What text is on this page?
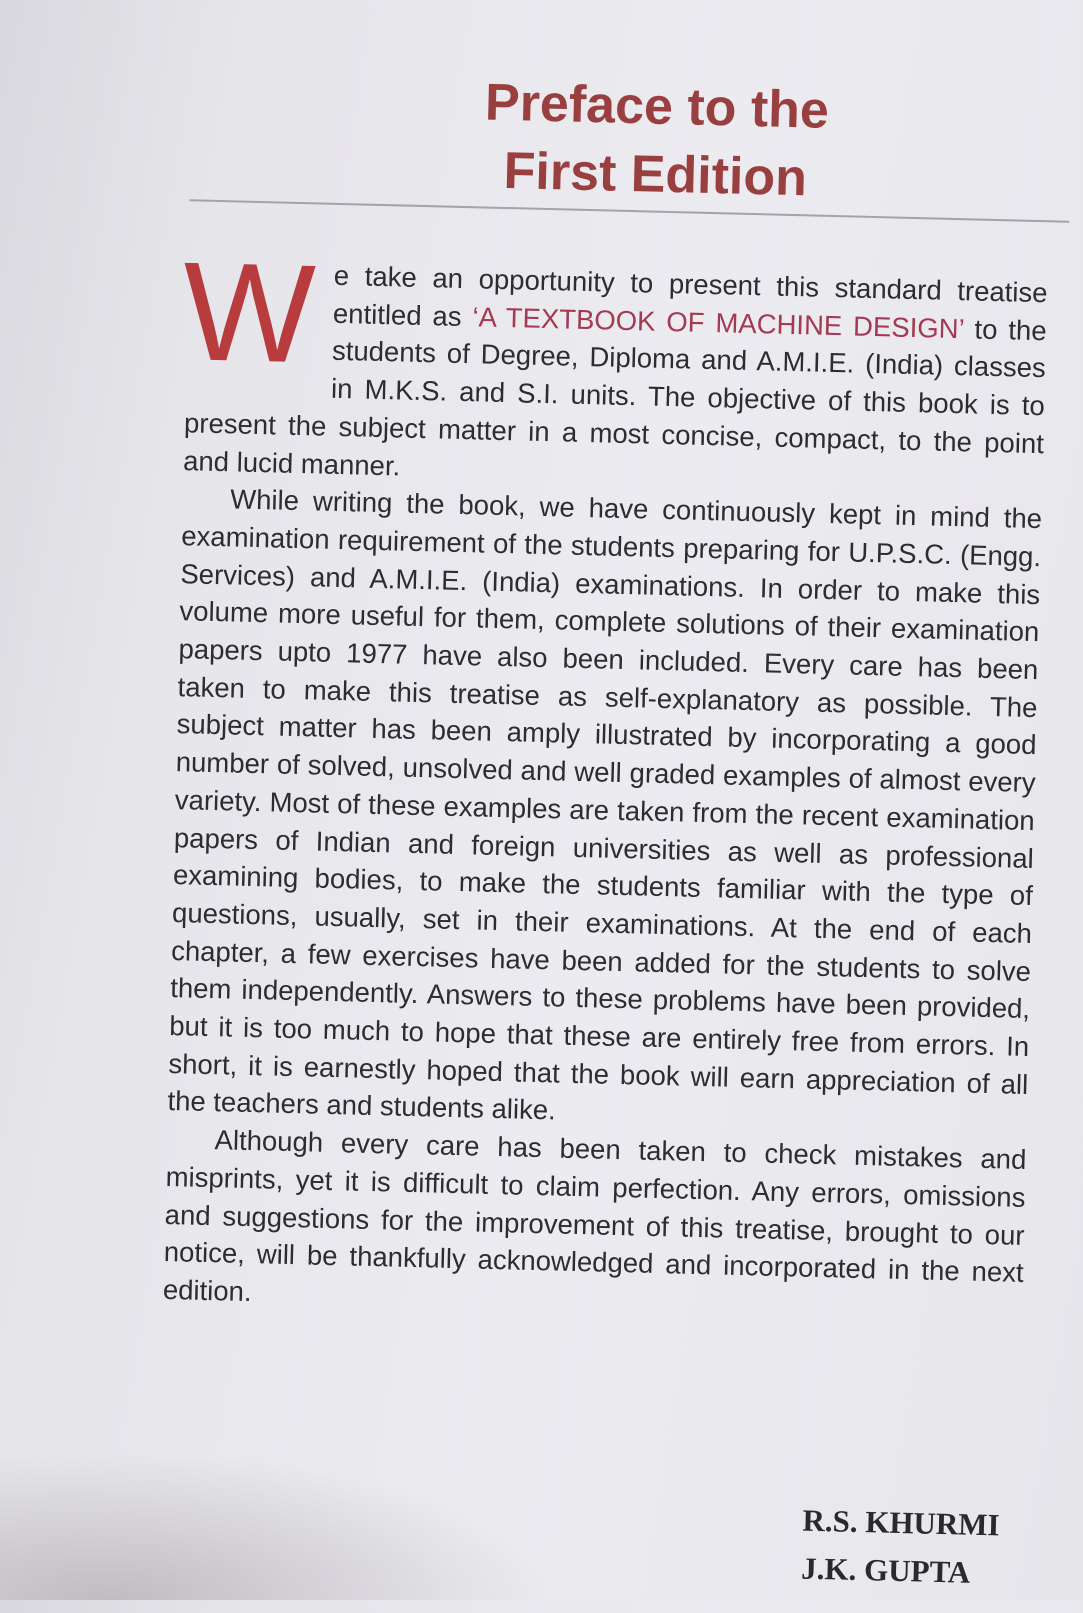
Preface to the
First Edition

We take an opportunity to present this standard treatise entitled as ‘A TEXTBOOK OF MACHINE DESIGN’ to the students of Degree, Diploma and A.M.I.E. (India) classes in M.K.S. and S.I. units. The objective of this book is to present the subject matter in a most concise, compact, to the point and lucid manner.

While writing the book, we have continuously kept in mind the examination requirement of the students preparing for U.P.S.C. (Engg. Services) and A.M.I.E. (India) examinations. In order to make this volume more useful for them, complete solutions of their examination papers upto 1977 have also been included. Every care has been taken to make this treatise as self-explanatory as possible. The subject matter has been amply illustrated by incorporating a good number of solved, unsolved and well graded examples of almost every variety. Most of these examples are taken from the recent examination papers of Indian and foreign universities as well as professional examining bodies, to make the students familiar with the type of questions, usually, set in their examinations. At the end of each chapter, a few exercises have been added for the students to solve them independently. Answers to these problems have been provided, but it is too much to hope that these are entirely free from errors. In short, it is earnestly hoped that the book will earn appreciation of all the teachers and students alike.

Although every care has been taken to check mistakes and misprints, yet it is difficult to claim perfection. Any errors, omissions and suggestions for the improvement of this treatise, brought to our notice, will be thankfully acknowledged and incorporated in the next edition.

R.S. KHURMI
J.K. GUPTA
